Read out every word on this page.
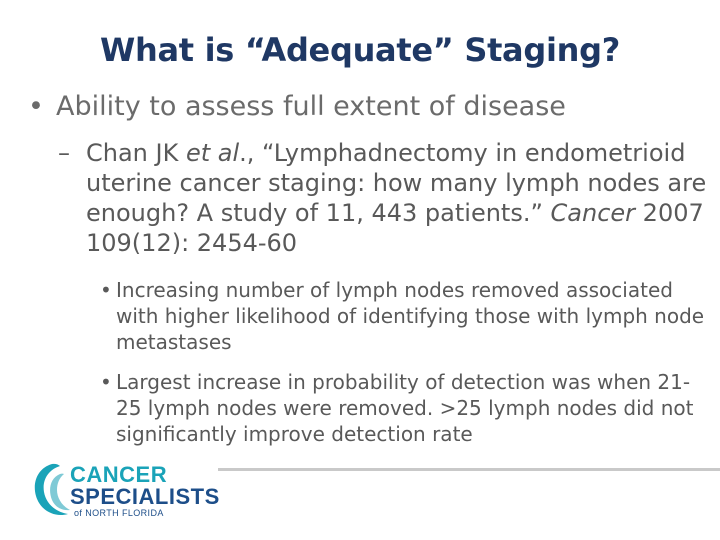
What is “Adequate” Staging?
• Ability to assess full extent of disease
– Chan JK et al., “Lymphadnectomy in endometrioid uterine cancer staging: how many lymph nodes are enough? A study of 11, 443 patients.” Cancer 2007 109(12): 2454-60
• Increasing number of lymph nodes removed associated with higher likelihood of identifying those with lymph node metastases
• Largest increase in probability of detection was when 21-25 lymph nodes were removed. >25 lymph nodes did not significantly improve detection rate
CANCER
SPECIALISTS
of NORTH FLORIDA
